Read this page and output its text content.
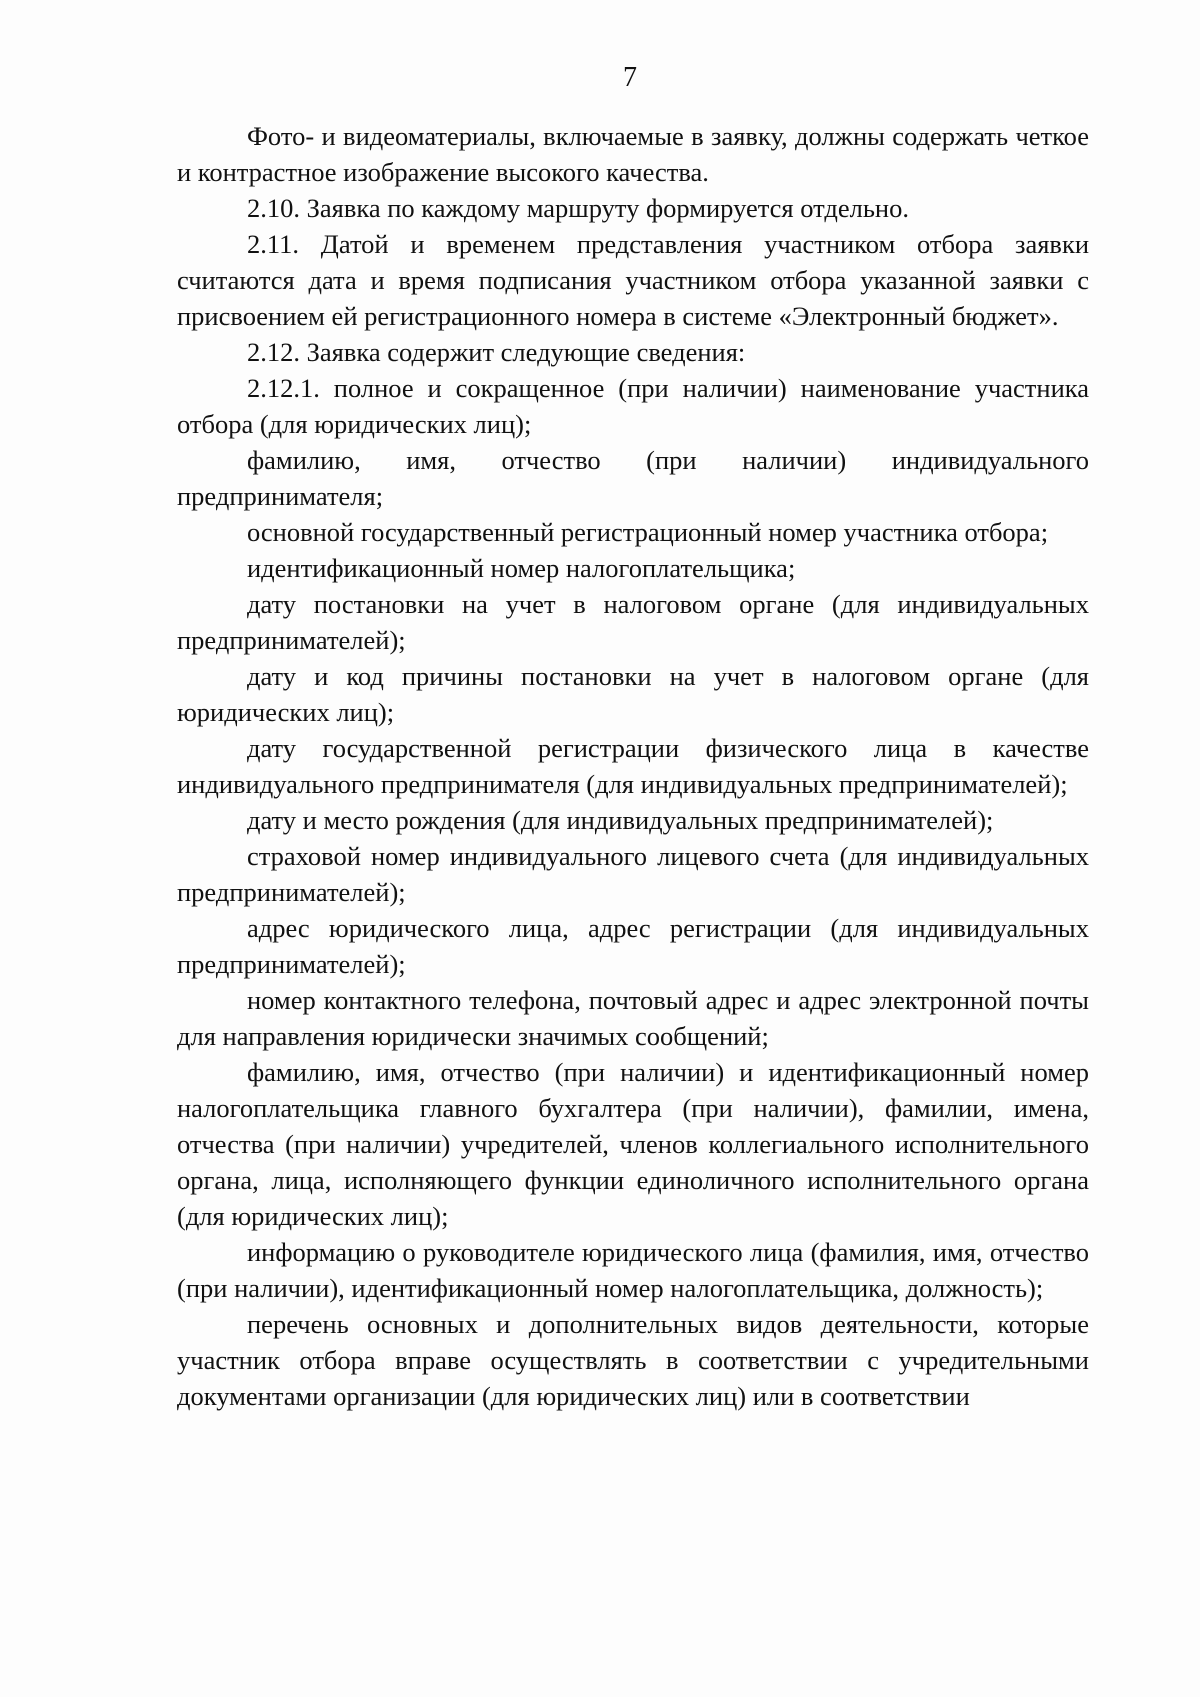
7

Фото- и видеоматериалы, включаемые в заявку, должны содержать четкое и контрастное изображение высокого качества.

2.10. Заявка по каждому маршруту формируется отдельно.

2.11. Датой и временем представления участником отбора заявки считаются дата и время подписания участником отбора указанной заявки с присвоением ей регистрационного номера в системе «Электронный бюджет».

2.12. Заявка содержит следующие сведения:

2.12.1. полное и сокращенное (при наличии) наименование участника отбора (для юридических лиц);

фамилию, имя, отчество (при наличии) индивидуального предпринимателя;

основной государственный регистрационный номер участника отбора;

идентификационный номер налогоплательщика;

дату постановки на учет в налоговом органе (для индивидуальных предпринимателей);

дату и код причины постановки на учет в налоговом органе (для юридических лиц);

дату государственной регистрации физического лица в качестве индивидуального предпринимателя (для индивидуальных предпринимателей);

дату и место рождения (для индивидуальных предпринимателей);

страховой номер индивидуального лицевого счета (для индивидуальных предпринимателей);

адрес юридического лица, адрес регистрации (для индивидуальных предпринимателей);

номер контактного телефона, почтовый адрес и адрес электронной почты для направления юридически значимых сообщений;

фамилию, имя, отчество (при наличии) и идентификационный номер налогоплательщика главного бухгалтера (при наличии), фамилии, имена, отчества (при наличии) учредителей, членов коллегиального исполнительного органа, лица, исполняющего функции единоличного исполнительного органа (для юридических лиц);

информацию о руководителе юридического лица (фамилия, имя, отчество (при наличии), идентификационный номер налогоплательщика, должность);

перечень основных и дополнительных видов деятельности, которые участник отбора вправе осуществлять в соответствии с учредительными документами организации (для юридических лиц) или в соответствии
